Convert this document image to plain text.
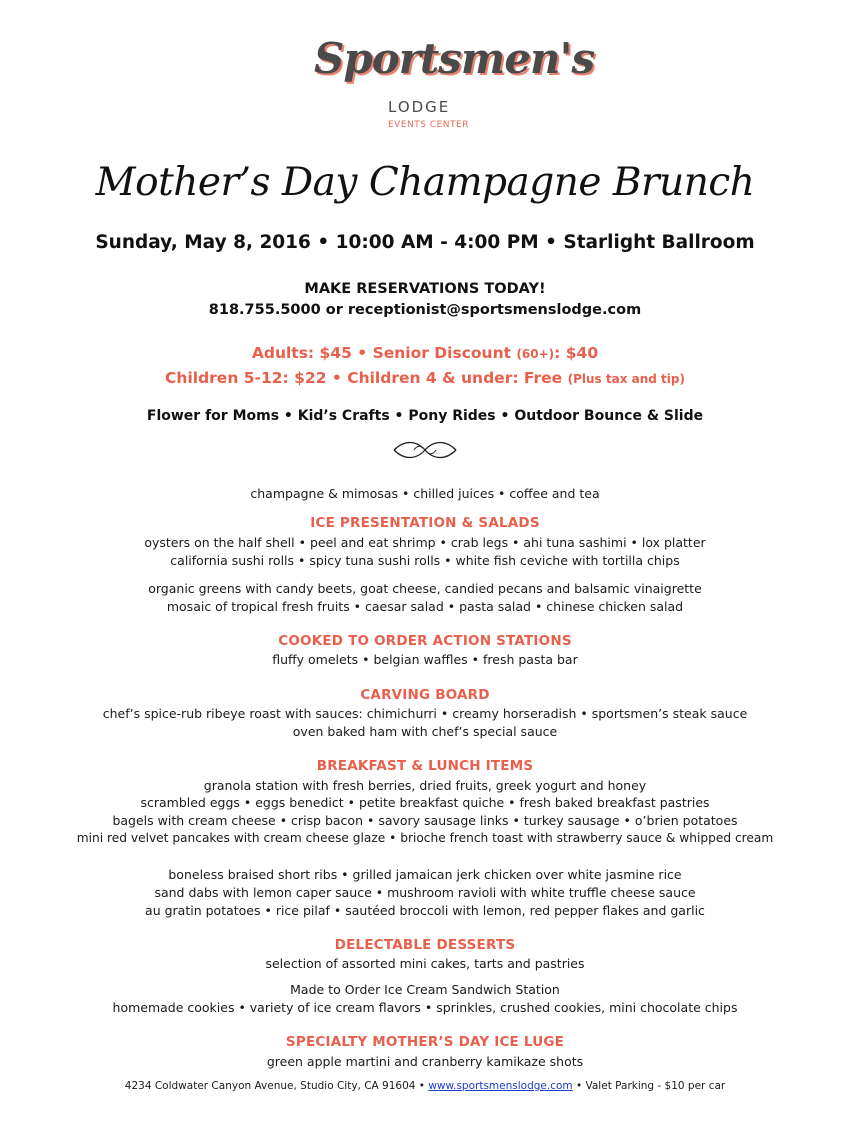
Sportsmen's
LODGE
EVENTS CENTER
Mother’s Day Champagne Brunch
Sunday, May 8, 2016 • 10:00 AM - 4:00 PM • Starlight Ballroom
MAKE RESERVATIONS TODAY!
818.755.5000 or receptionist@sportsmenslodge.com
Adults: $45 • Senior Discount (60+): $40
Children 5-12: $22 • Children 4 & under: Free (Plus tax and tip)
Flower for Moms • Kid’s Crafts • Pony Rides • Outdoor Bounce & Slide
champagne & mimosas • chilled juices • coffee and tea
ICE PRESENTATION & SALADS
oysters on the half shell • peel and eat shrimp • crab legs • ahi tuna sashimi • lox platter
california sushi rolls • spicy tuna sushi rolls • white fish ceviche with tortilla chips
organic greens with candy beets, goat cheese, candied pecans and balsamic vinaigrette
mosaic of tropical fresh fruits • caesar salad • pasta salad • chinese chicken salad
COOKED TO ORDER ACTION STATIONS
fluffy omelets • belgian waffles • fresh pasta bar
CARVING BOARD
chef’s spice-rub ribeye roast with sauces: chimichurri • creamy horseradish • sportsmen’s steak sauce
oven baked ham with chef’s special sauce
BREAKFAST & LUNCH ITEMS
granola station with fresh berries, dried fruits, greek yogurt and honey
scrambled eggs • eggs benedict • petite breakfast quiche • fresh baked breakfast pastries
bagels with cream cheese • crisp bacon • savory sausage links • turkey sausage • o’brien potatoes
mini red velvet pancakes with cream cheese glaze • brioche french toast with strawberry sauce & whipped cream
boneless braised short ribs • grilled jamaican jerk chicken over white jasmine rice
sand dabs with lemon caper sauce • mushroom ravioli with white truffle cheese sauce
au gratin potatoes • rice pilaf • sautéed broccoli with lemon, red pepper flakes and garlic
DELECTABLE DESSERTS
selection of assorted mini cakes, tarts and pastries
Made to Order Ice Cream Sandwich Station
homemade cookies • variety of ice cream flavors • sprinkles, crushed cookies, mini chocolate chips
SPECIALTY MOTHER’S DAY ICE LUGE
green apple martini and cranberry kamikaze shots
4234 Coldwater Canyon Avenue, Studio City, CA 91604 • www.sportsmenslodge.com • Valet Parking - $10 per car
